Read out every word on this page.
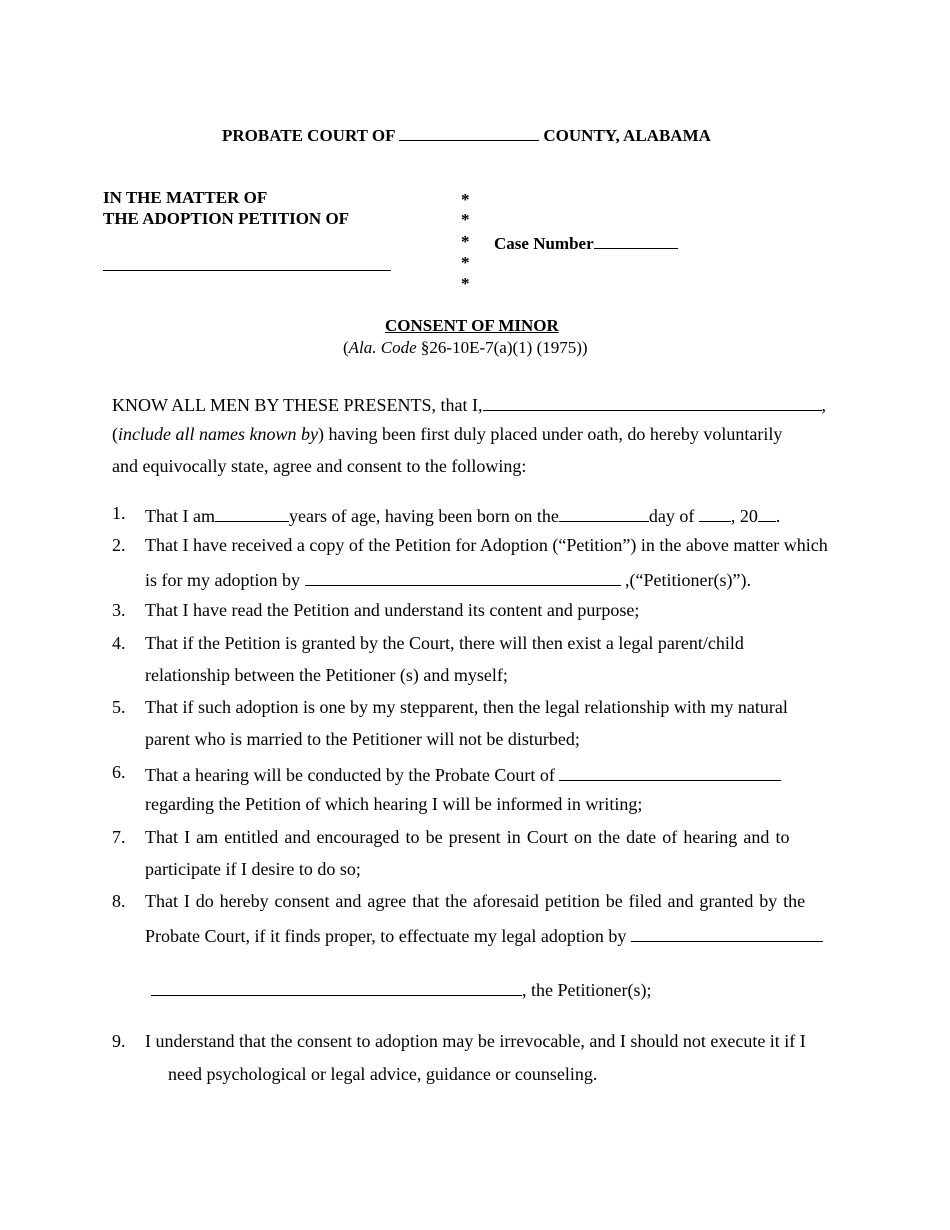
PROBATE COURT OF	COUNTY, ALABAMA
IN THE MATTER OF
THE ADOPTION PETITION OF
*
*
*
*
*
Case Number
CONSENT OF MINOR
(Ala. Code §26-10E-7(a)(1) (1975))
KNOW ALL MEN BY THESE PRESENTS, that I,	,
(include all names known by) having been first duly placed under oath, do hereby voluntarily
and equivocally state, agree and consent to the following:
1.	That I am	years of age, having been born on the	day of , 20 .
2.	That I have received a copy of the Petition for Adoption (“Petition”) in the above matter which
is for my adoption by	,(“Petitioner(s)”).
3.	That I have read the Petition and understand its content and purpose;
4.	That if the Petition is granted by the Court, there will then exist a legal parent/child
relationship between the Petitioner (s) and myself;
5.	That if such adoption is one by my stepparent, then the legal relationship with my natural
parent who is married to the Petitioner will not be disturbed;
6.	That a hearing will be conducted by the Probate Court of
regarding the Petition of which hearing I will be informed in writing;
7.	That I am entitled and encouraged to be present in Court on the date of hearing and to
participate if I desire to do so;
8.	That I do hereby consent and agree that the aforesaid petition be filed and granted by the
Probate Court, if it finds proper, to effectuate my legal adoption by
, the Petitioner(s);
9.	I understand that the consent to adoption may be irrevocable, and I should not execute it if I
need psychological or legal advice, guidance or counseling.
